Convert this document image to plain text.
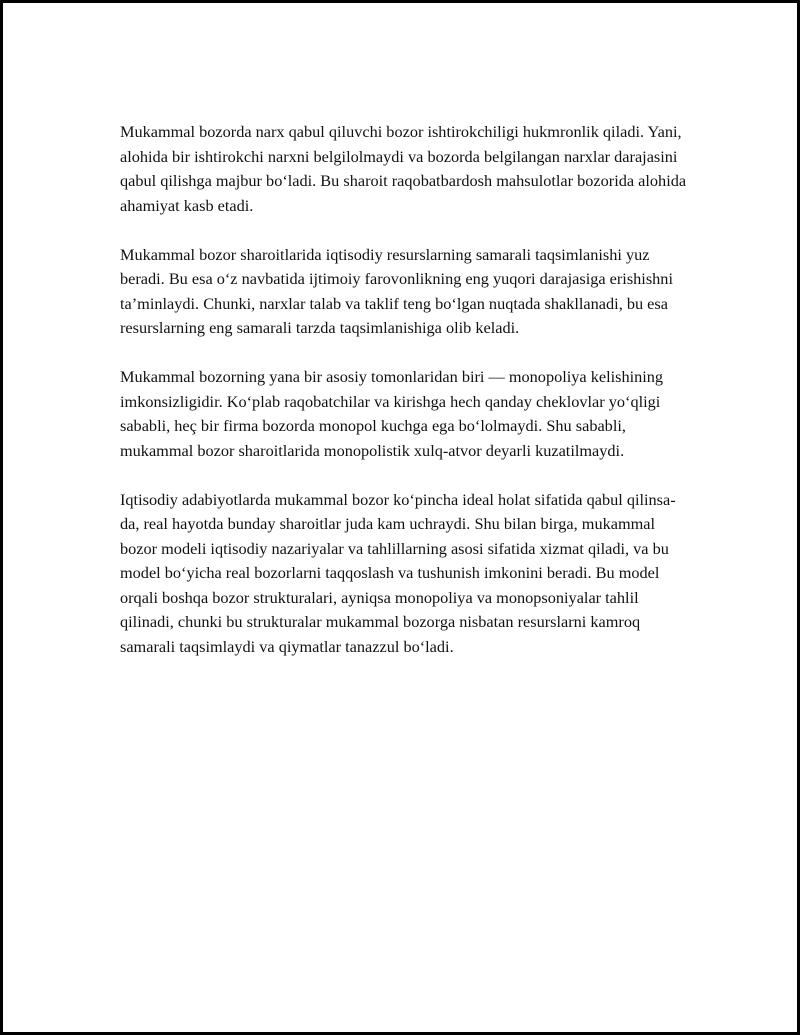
Mukammal bozorda narx qabul qiluvchi bozor ishtirokchiligi hukmronlik qiladi. Yani, alohida bir ishtirokchi narxni belgilolmaydi va bozorda belgilangan narxlar darajasini qabul qilishga majbur bo‘ladi. Bu sharoit raqobatbardosh mahsulotlar bozorida alohida ahamiyat kasb etadi.

Mukammal bozor sharoitlarida iqtisodiy resurslarning samarali taqsimlanishi yuz beradi. Bu esa o‘z navbatida ijtimoiy farovonlikning eng yuqori darajasiga erishishni ta’minlaydi. Chunki, narxlar talab va taklif teng bo‘lgan nuqtada shakllanadi, bu esa resurslarning eng samarali tarzda taqsimlanishiga olib keladi.

Mukammal bozorning yana bir asosiy tomonlaridan biri — monopoliya kelishining imkonsizligidir. Ko‘plab raqobatchilar va kirishga hech qanday cheklovlar yo‘qligi sababli, heç bir firma bozorda monopol kuchga ega bo‘lolmaydi. Shu sababli, mukammal bozor sharoitlarida monopolistik xulq-atvor deyarli kuzatilmaydi.

Iqtisodiy adabiyotlarda mukammal bozor ko‘pincha ideal holat sifatida qabul qilinsa-da, real hayotda bunday sharoitlar juda kam uchraydi. Shu bilan birga, mukammal bozor modeli iqtisodiy nazariyalar va tahlillarning asosi sifatida xizmat qiladi, va bu model bo‘yicha real bozorlarni taqqoslash va tushunish imkonini beradi. Bu model orqali boshqa bozor strukturalari, ayniqsa monopoliya va monopsoniyalar tahlil qilinadi, chunki bu strukturalar mukammal bozorga nisbatan resurslarni kamroq samarali taqsimlaydi va qiymatlar tanazzul bo‘ladi.
